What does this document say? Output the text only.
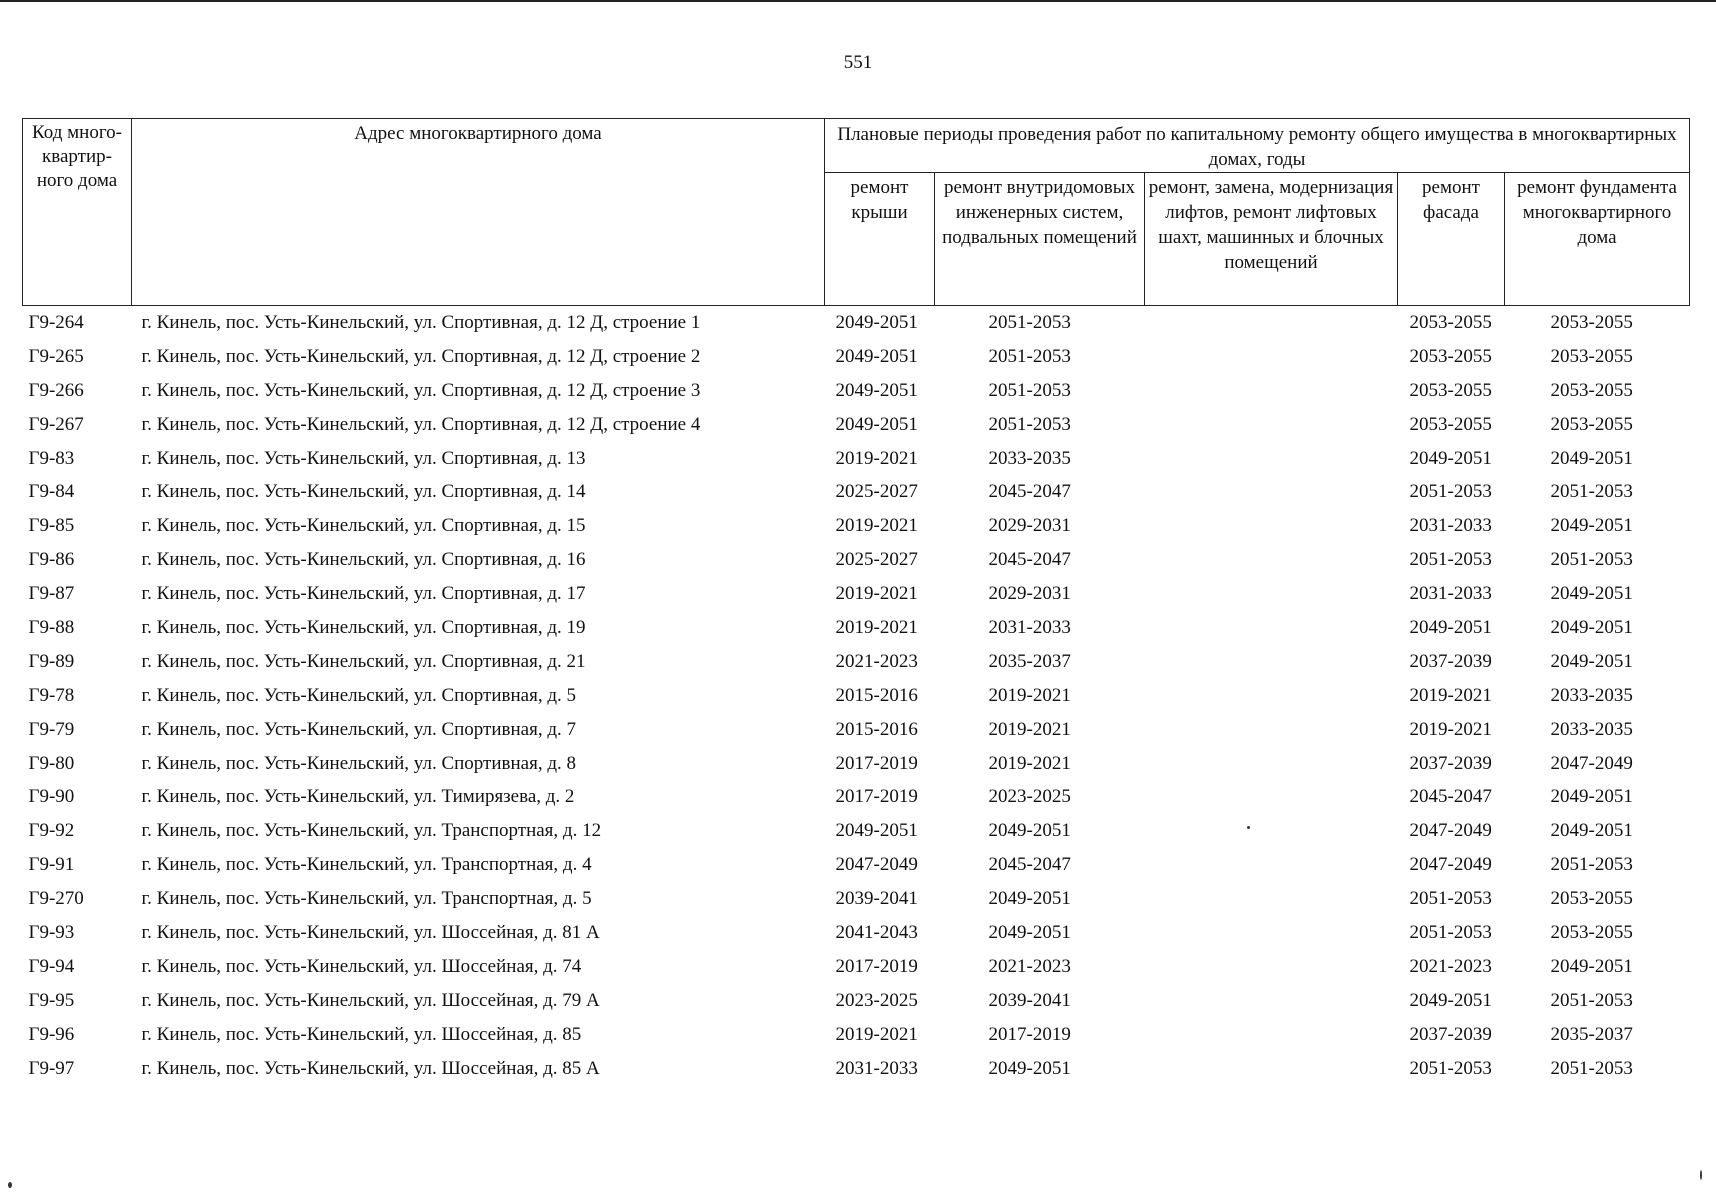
551
Код много-квартир-ного дома	Адрес многоквартирного дома	Плановые периоды проведения работ по капитальному ремонту общего имущества в многоквартирных домах, годы				
		ремонт крыши	ремонт внутридомовых инженерных систем, подвальных помещений	ремонт, замена, модернизация лифтов, ремонт лифтовых шахт, машинных и блочных помещений	ремонт фасада	ремонт фундамента многоквартирного дома
Г9-264	г. Кинель, пос. Усть-Кинельский, ул. Спортивная, д. 12 Д, строение 1	2049-2051	2051-2053		2053-2055	2053-2055
Г9-265	г. Кинель, пос. Усть-Кинельский, ул. Спортивная, д. 12 Д, строение 2	2049-2051	2051-2053		2053-2055	2053-2055
Г9-266	г. Кинель, пос. Усть-Кинельский, ул. Спортивная, д. 12 Д, строение 3	2049-2051	2051-2053		2053-2055	2053-2055
Г9-267	г. Кинель, пос. Усть-Кинельский, ул. Спортивная, д. 12 Д, строение 4	2049-2051	2051-2053		2053-2055	2053-2055
Г9-83	г. Кинель, пос. Усть-Кинельский, ул. Спортивная, д. 13	2019-2021	2033-2035		2049-2051	2049-2051
Г9-84	г. Кинель, пос. Усть-Кинельский, ул. Спортивная, д. 14	2025-2027	2045-2047		2051-2053	2051-2053
Г9-85	г. Кинель, пос. Усть-Кинельский, ул. Спортивная, д. 15	2019-2021	2029-2031		2031-2033	2049-2051
Г9-86	г. Кинель, пос. Усть-Кинельский, ул. Спортивная, д. 16	2025-2027	2045-2047		2051-2053	2051-2053
Г9-87	г. Кинель, пос. Усть-Кинельский, ул. Спортивная, д. 17	2019-2021	2029-2031		2031-2033	2049-2051
Г9-88	г. Кинель, пос. Усть-Кинельский, ул. Спортивная, д. 19	2019-2021	2031-2033		2049-2051	2049-2051
Г9-89	г. Кинель, пос. Усть-Кинельский, ул. Спортивная, д. 21	2021-2023	2035-2037		2037-2039	2049-2051
Г9-78	г. Кинель, пос. Усть-Кинельский, ул. Спортивная, д. 5	2015-2016	2019-2021		2019-2021	2033-2035
Г9-79	г. Кинель, пос. Усть-Кинельский, ул. Спортивная, д. 7	2015-2016	2019-2021		2019-2021	2033-2035
Г9-80	г. Кинель, пос. Усть-Кинельский, ул. Спортивная, д. 8	2017-2019	2019-2021		2037-2039	2047-2049
Г9-90	г. Кинель, пос. Усть-Кинельский, ул. Тимирязева, д. 2	2017-2019	2023-2025		2045-2047	2049-2051
Г9-92	г. Кинель, пос. Усть-Кинельский, ул. Транспортная, д. 12	2049-2051	2049-2051		2047-2049	2049-2051
Г9-91	г. Кинель, пос. Усть-Кинельский, ул. Транспортная, д. 4	2047-2049	2045-2047		2047-2049	2051-2053
Г9-270	г. Кинель, пос. Усть-Кинельский, ул. Транспортная, д. 5	2039-2041	2049-2051		2051-2053	2053-2055
Г9-93	г. Кинель, пос. Усть-Кинельский, ул. Шоссейная, д. 81 А	2041-2043	2049-2051		2051-2053	2053-2055
Г9-94	г. Кинель, пос. Усть-Кинельский, ул. Шоссейная, д. 74	2017-2019	2021-2023		2021-2023	2049-2051
Г9-95	г. Кинель, пос. Усть-Кинельский, ул. Шоссейная, д. 79 А	2023-2025	2039-2041		2049-2051	2051-2053
Г9-96	г. Кинель, пос. Усть-Кинельский, ул. Шоссейная, д. 85	2019-2021	2017-2019		2037-2039	2035-2037
Г9-97	г. Кинель, пос. Усть-Кинельский, ул. Шоссейная, д. 85 А	2031-2033	2049-2051		2051-2053	2051-2053
